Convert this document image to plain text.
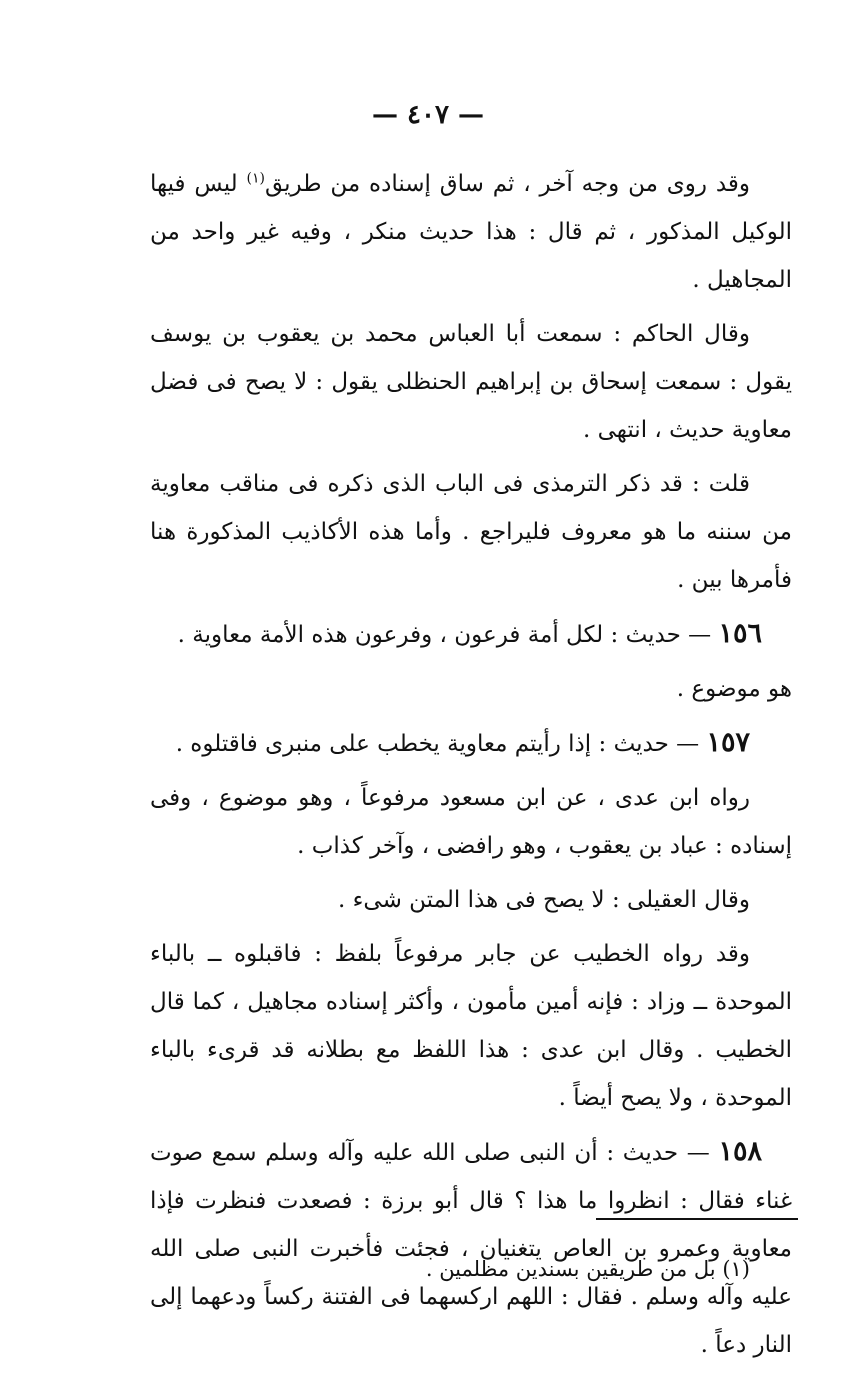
— ٤٠٧ —

وقد روى من وجه آخر ، ثم ساق إسناده من طريق$^{(١)}$ ليس فيها الوكيل المذكور ، ثم قال : هذا حديث منكر ، وفيه غير واحد من المجاهيل .

وقال الحاكم : سمعت أبا العباس محمد بن يعقوب بن يوسف يقول : سمعت إسحاق بن إبراهيم الحنظلى يقول : لا يصح فى فضل معاوية حديث ، انتهى .

قلت : قد ذكر الترمذى فى الباب الذى ذكره فى مناقب معاوية من سننه ما هو معروف فليراجع . وأما هذه الأكاذيب المذكورة هنا فأمرها بين .

١٥٦ — حديث : لكل أمة فرعون ، وفرعون هذه الأمة معاوية .

هو موضوع .

١٥٧ — حديث : إذا رأيتم معاوية يخطب على منبرى فاقتلوه .

رواه ابن عدى ، عن ابن مسعود مرفوعاً ، وهو موضوع ، وفى إسناده : عباد بن يعقوب ، وهو رافضى ، وآخر كذاب .

وقال العقيلى : لا يصح فى هذا المتن شىء .

وقد رواه الخطيب عن جابر مرفوعاً بلفظ : فاقبلوه ــ بالباء الموحدة ــ وزاد : فإنه أمين مأمون ، وأكثر إسناده مجاهيل ، كما قال الخطيب . وقال ابن عدى : هذا اللفظ مع بطلانه قد قرىء بالباء الموحدة ، ولا يصح أيضاً .

١٥٨ — حديث : أن النبى صلى الله عليه وآله وسلم سمع صوت غناء فقال : انظروا ما هذا ؟ قال أبو برزة : فصعدت فنظرت فإذا معاوية وعمرو بن العاص يتغنيان ، فجئت فأخبرت النبى صلى الله عليه وآله وسلم . فقال : اللهم اركسهما فى الفتنة ركساً ودعهما إلى النار دعاً .

(١) بل من طريقين بسندين مظلمين .
